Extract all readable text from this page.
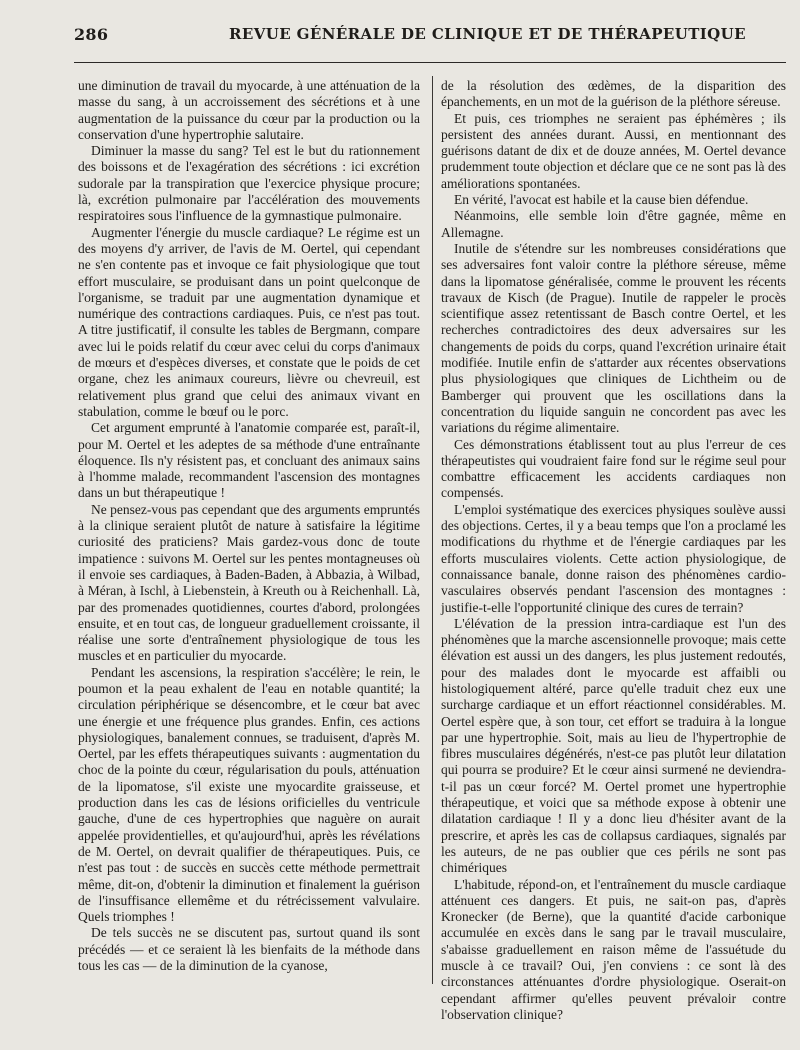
286	REVUE GÉNÉRALE DE CLINIQUE ET DE THÉRAPEUTIQUE

une diminution de travail du myocarde, à une atténuation de la masse du sang, à un accroissement des sécrétions et à une augmentation de la puissance du cœur par la production ou la conservation d'une hypertrophie salutaire.

Diminuer la masse du sang? Tel est le but du rationnement des boissons et de l'exagération des sécrétions : ici excrétion sudorale par la transpiration que l'exercice physique procure; là, excrétion pulmonaire par l'accélération des mouvements respiratoires sous l'influence de la gymnastique pulmonaire.

Augmenter l'énergie du muscle cardiaque? Le régime est un des moyens d'y arriver, de l'avis de M. Oertel, qui cependant ne s'en contente pas et invoque ce fait physiologique que tout effort musculaire, se produisant dans un point quelconque de l'organisme, se traduit par une augmentation dynamique et numérique des contractions cardiaques. Puis, ce n'est pas tout. A titre justificatif, il consulte les tables de Bergmann, compare avec lui le poids relatif du cœur avec celui du corps d'animaux de mœurs et d'espèces diverses, et constate que le poids de cet organe, chez les animaux coureurs, lièvre ou chevreuil, est relativement plus grand que celui des animaux vivant en stabulation, comme le bœuf ou le porc.

Cet argument emprunté à l'anatomie comparée est, paraît-il, pour M. Oertel et les adeptes de sa méthode d'une entraînante éloquence. Ils n'y résistent pas, et concluant des animaux sains à l'homme malade, recommandent l'ascension des montagnes dans un but thérapeutique !

Ne pensez-vous pas cependant que des arguments empruntés à la clinique seraient plutôt de nature à satisfaire la légitime curiosité des praticiens? Mais gardez-vous donc de toute impatience : suivons M. Oertel sur les pentes montagneuses où il envoie ses cardiaques, à Baden-Baden, à Abbazia, à Wilbad, à Méran, à Ischl, à Liebenstein, à Kreuth ou à Reichenhall. Là, par des promenades quotidiennes, courtes d'abord, prolongées ensuite, et en tout cas, de longueur graduellement croissante, il réalise une sorte d'entraînement physiologique de tous les muscles et en particulier du myocarde.

Pendant les ascensions, la respiration s'accélère; le rein, le poumon et la peau exhalent de l'eau en notable quantité; la circulation périphérique se désencombre, et le cœur bat avec une énergie et une fréquence plus grandes. Enfin, ces actions physiologiques, banalement connues, se traduisent, d'après M. Oertel, par les effets thérapeutiques suivants : augmentation du choc de la pointe du cœur, régularisation du pouls, atténuation de la lipomatose, s'il existe une myocardite graisseuse, et production dans les cas de lésions orificielles du ventricule gauche, d'une de ces hypertrophies que naguère on aurait appelée providentielles, et qu'aujourd'hui, après les révélations de M. Oertel, on devrait qualifier de thérapeutiques. Puis, ce n'est pas tout : de succès en succès cette méthode permettrait même, dit-on, d'obtenir la diminution et finalement la guérison de l'insuffisance ellemême et du rétrécissement valvulaire. Quels triomphes !

De tels succès ne se discutent pas, surtout quand ils sont précédés — et ce seraient là les bienfaits de la méthode dans tous les cas — de la diminution de la cyanose,

de la résolution des œdèmes, de la disparition des épanchements, en un mot de la guérison de la pléthore séreuse.

Et puis, ces triomphes ne seraient pas éphémères ; ils persistent des années durant. Aussi, en mentionnant des guérisons datant de dix et de douze années, M. Oertel devance prudemment toute objection et déclare que ce ne sont pas là des améliorations spontanées.

En vérité, l'avocat est habile et la cause bien défendue.

Néanmoins, elle semble loin d'être gagnée, même en Allemagne.

Inutile de s'étendre sur les nombreuses considérations que ses adversaires font valoir contre la pléthore séreuse, même dans la lipomatose généralisée, comme le prouvent les récents travaux de Kisch (de Prague). Inutile de rappeler le procès scientifique assez retentissant de Basch contre Oertel, et les recherches contradictoires des deux adversaires sur les changements de poids du corps, quand l'excrétion urinaire était modifiée. Inutile enfin de s'attarder aux récentes observations plus physiologiques que cliniques de Lichtheim ou de Bamberger qui prouvent que les oscillations dans la concentration du liquide sanguin ne concordent pas avec les variations du régime alimentaire.

Ces démonstrations établissent tout au plus l'erreur de ces thérapeutistes qui voudraient faire fond sur le régime seul pour combattre efficacement les accidents cardiaques non compensés.

L'emploi systématique des exercices physiques soulève aussi des objections. Certes, il y a beau temps que l'on a proclamé les modifications du rhythme et de l'énergie cardiaques par les efforts musculaires violents. Cette action physiologique, de connaissance banale, donne raison des phénomènes cardio-vasculaires observés pendant l'ascension des montagnes : justifie-t-elle l'opportunité clinique des cures de terrain?

L'élévation de la pression intra-cardiaque est l'un des phénomènes que la marche ascensionnelle provoque; mais cette élévation est aussi un des dangers, les plus justement redoutés, pour des malades dont le myocarde est affaibli ou histologiquement altéré, parce qu'elle traduit chez eux une surcharge cardiaque et un effort réactionnel considérables. M. Oertel espère que, à son tour, cet effort se traduira à la longue par une hypertrophie. Soit, mais au lieu de l'hypertrophie de fibres musculaires dégénérés, n'est-ce pas plutôt leur dilatation qui pourra se produire? Et le cœur ainsi surmené ne deviendra-t-il pas un cœur forcé? M. Oertel promet une hypertrophie thérapeutique, et voici que sa méthode expose à obtenir une dilatation cardiaque ! Il y a donc lieu d'hésiter avant de la prescrire, et après les cas de collapsus cardiaques, signalés par les auteurs, de ne pas oublier que ces périls ne sont pas chimériques

L'habitude, répond-on, et l'entraînement du muscle cardiaque atténuent ces dangers. Et puis, ne sait-on pas, d'après Kronecker (de Berne), que la quantité d'acide carbonique accumulée en excès dans le sang par le travail musculaire, s'abaisse graduellement en raison même de l'assuétude du muscle à ce travail? Oui, j'en conviens : ce sont là des circonstances atténuantes d'ordre physiologique. Oserait-on cependant affirmer qu'elles peuvent prévaloir contre l'observation clinique?
